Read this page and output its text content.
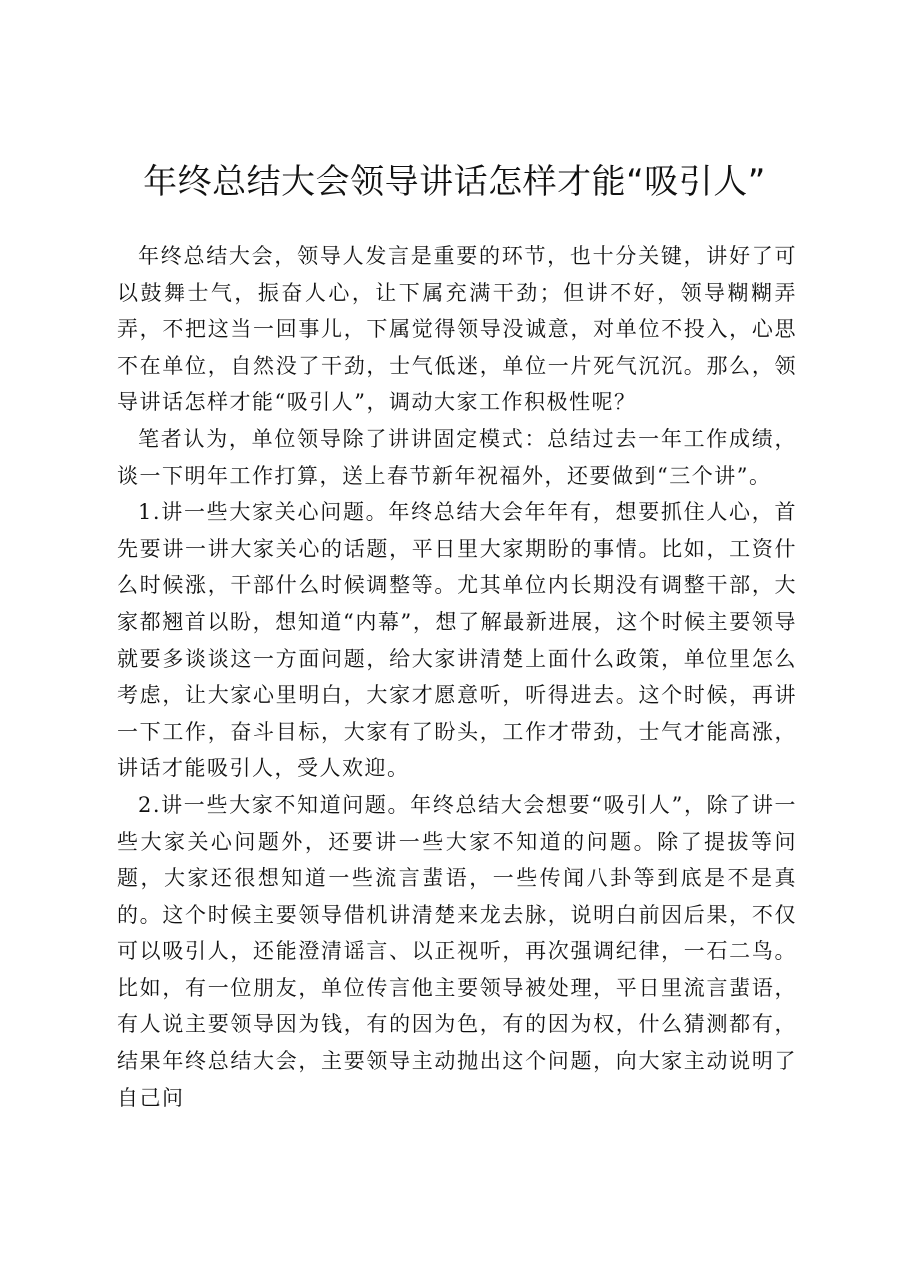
年终总结大会领导讲话怎样才能“吸引人”

年终总结大会，领导人发言是重要的环节，也十分关键，讲好了可以鼓舞士气，振奋人心，让下属充满干劲；但讲不好，领导糊糊弄弄，不把这当一回事儿，下属觉得领导没诚意，对单位不投入，心思不在单位，自然没了干劲，士气低迷，单位一片死气沉沉。那么，领导讲话怎样才能“吸引人”，调动大家工作积极性呢？

笔者认为，单位领导除了讲讲固定模式：总结过去一年工作成绩，谈一下明年工作打算，送上春节新年祝福外，还要做到“三个讲”。

1.讲一些大家关心问题。年终总结大会年年有，想要抓住人心，首先要讲一讲大家关心的话题，平日里大家期盼的事情。比如，工资什么时候涨，干部什么时候调整等。尤其单位内长期没有调整干部，大家都翘首以盼，想知道“内幕”，想了解最新进展，这个时候主要领导就要多谈谈这一方面问题，给大家讲清楚上面什么政策，单位里怎么考虑，让大家心里明白，大家才愿意听，听得进去。这个时候，再讲一下工作，奋斗目标，大家有了盼头，工作才带劲，士气才能高涨，讲话才能吸引人，受人欢迎。

2.讲一些大家不知道问题。年终总结大会想要“吸引人”，除了讲一些大家关心问题外，还要讲一些大家不知道的问题。除了提拔等问题，大家还很想知道一些流言蜚语，一些传闻八卦等到底是不是真的。这个时候主要领导借机讲清楚来龙去脉，说明白前因后果，不仅可以吸引人，还能澄清谣言、以正视听，再次强调纪律，一石二鸟。比如，有一位朋友，单位传言他主要领导被处理，平日里流言蜚语，有人说主要领导因为钱，有的因为色，有的因为权，什么猜测都有，结果年终总结大会，主要领导主动抛出这个问题，向大家主动说明了自己问
